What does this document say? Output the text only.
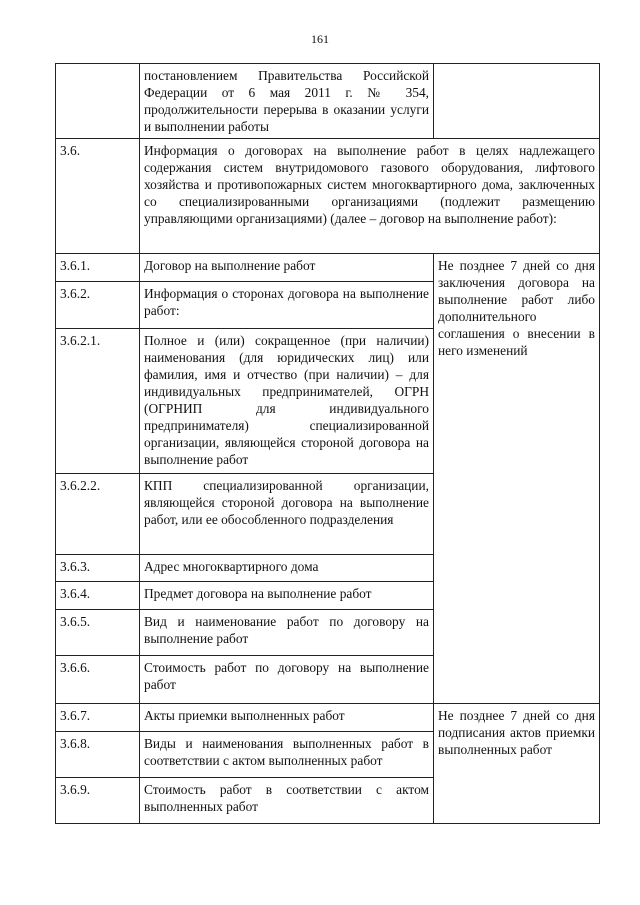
161
	постановлением Правительства Российской Федерации от 6 мая 2011 г. № 354, продолжительности перерыва в оказании услуги и выполнении работы	
3.6.	Информация о договорах на выполнение работ в целях надлежащего содержания систем внутридомового газового оборудования, лифтового хозяйства и противопожарных систем многоквартирного дома, заключенных со специализированными организациями (подлежит размещению управляющими организациями) (далее – договор на выполнение работ):	
3.6.1.	Договор на выполнение работ	Не позднее 7 дней со дня заключения договора на выполнение работ либо дополнительного соглашения о внесении в него изменений
3.6.2.	Информация о сторонах договора на выполнение работ:	
3.6.2.1.	Полное и (или) сокращенное (при наличии) наименования (для юридических лиц) или фамилия, имя и отчество (при наличии) – для индивидуальных предпринимателей, ОГРН (ОГРНИП для индивидуального предпринимателя) специализированной организации, являющейся стороной договора на выполнение работ	
3.6.2.2.	КПП специализированной организации, являющейся стороной договора на выполнение работ, или ее обособленного подразделения	
3.6.3.	Адрес многоквартирного дома	
3.6.4.	Предмет договора на выполнение работ	
3.6.5.	Вид и наименование работ по договору на выполнение работ	
3.6.6.	Стоимость работ по договору на выполнение работ	
3.6.7.	Акты приемки выполненных работ	Не позднее 7 дней со дня подписания актов приемки выполненных работ
3.6.8.	Виды и наименования выполненных работ в соответствии с актом выполненных работ	
3.6.9.	Стоимость работ в соответствии с актом выполненных работ	
